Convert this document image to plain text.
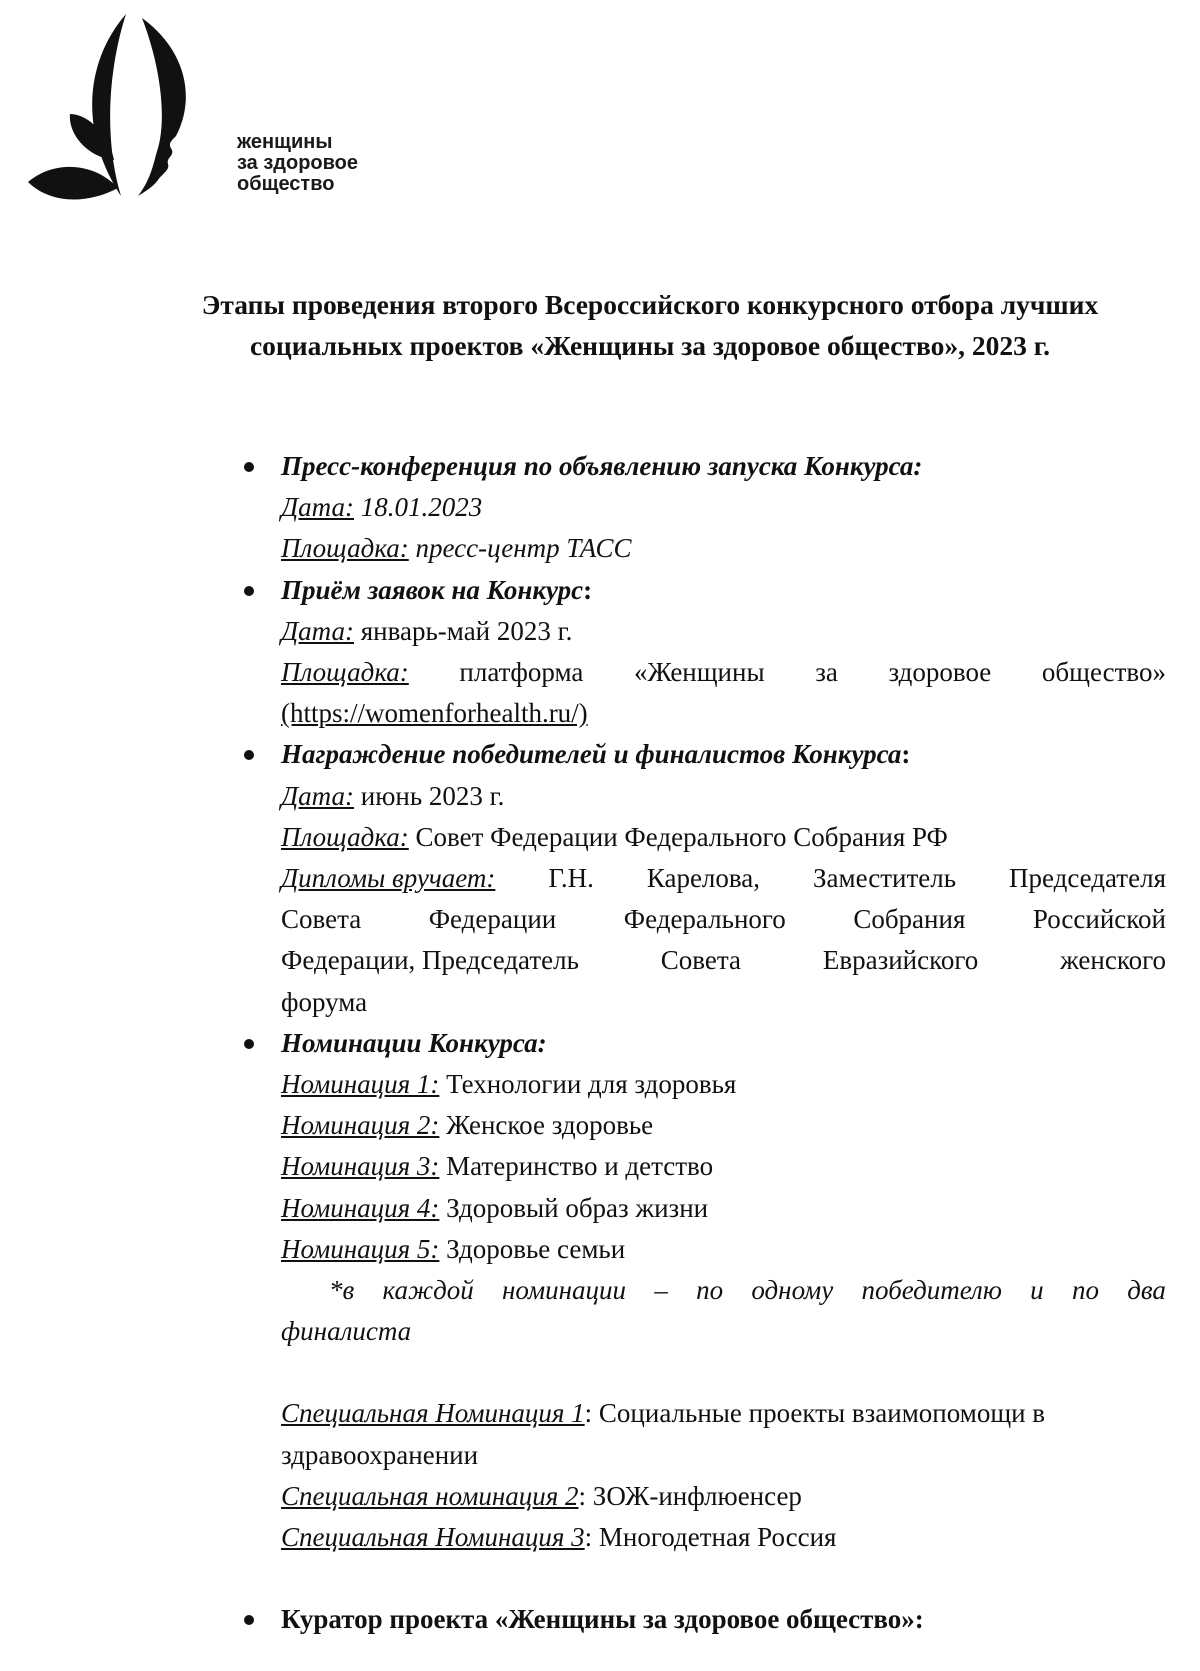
женщины
за здоровое
общество
Этапы проведения второго Всероссийского конкурсного отбора лучших
социальных проектов «Женщины за здоровое общество», 2023 г.
Пресс-конференция по объявлению запуска Конкурса:
Дата: 18.01.2023
Площадка: пресс-центр ТАСС
Приём заявок на Конкурс:
Дата: январь-май 2023 г.
Площадка: платформа «Женщины за здоровое общество»
(https://womenforhealth.ru/)
Награждение победителей и финалистов Конкурса:
Дата: июнь 2023 г.
Площадка: Совет Федерации Федерального Собрания РФ
Дипломы вручает: Г.Н. Карелова, Заместитель Председателя
Совета	Федерации	Федерального	Собрания	Российской
Федерации, Председатель	Совета	Евразийского	женского
форума
Номинации Конкурса:
Номинация 1: Технологии для здоровья
Номинация 2: Женское здоровье
Номинация 3: Материнство и детство
Номинация 4: Здоровый образ жизни
Номинация 5: Здоровье семьи
*в каждой номинации – по одному победителю и по два
финалиста
Специальная Номинация 1: Социальные проекты взаимопомощи в
здравоохранении
Специальная номинация 2: ЗОЖ-инфлюенсер
Специальная Номинация 3: Многодетная Россия
Куратор проекта «Женщины за здоровое общество»:
